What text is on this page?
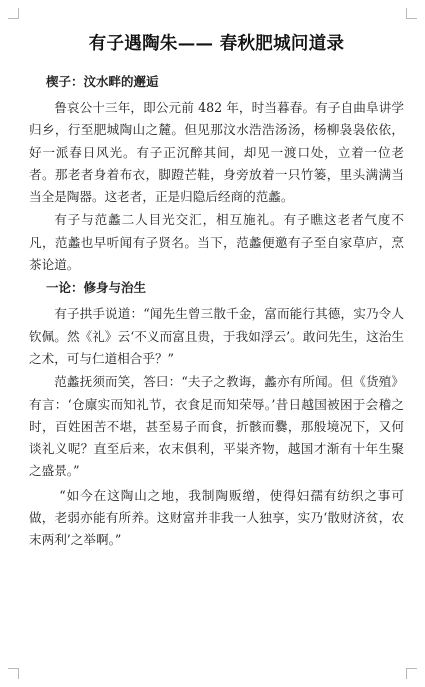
有子遇陶朱—— 春秋肥城问道录
楔子：汶水畔的邂逅

鲁哀公十三年，即公元前 482 年，时当暮春。有子自曲阜讲学归乡，行至肥城陶山之麓。但见那汶水浩浩汤汤，杨柳袅袅依依，好一派春日风光。有子正沉醉其间，却见一渡口处，立着一位老者。那老者身着布衣，脚蹬芒鞋，身旁放着一只竹篓，里头满满当当全是陶器。这老者，正是归隐后经商的范蠡。

有子与范蠡二人目光交汇，相互施礼。有子瞧这老者气度不凡，范蠡也早听闻有子贤名。当下，范蠡便邀有子至自家草庐，烹茶论道。

一论：修身与治生

有子拱手说道：“闻先生曾三散千金，富而能行其德，实乃令人钦佩。然《礼》云‘不义而富且贵，于我如浮云’。敢问先生，这治生之术，可与仁道相合乎？”

范蠡抚须而笑，答曰：“夫子之教诲，蠡亦有所闻。但《货殖》有言：‘仓廪实而知礼节，衣食足而知荣辱。’昔日越国被困于会稽之时，百姓困苦不堪，甚至易子而食，折骸而爨，那般境况下，又何谈礼义呢？直至后来，农末俱利，平粜齐物，越国才渐有十年生聚之盛景。”

“如今在这陶山之地，我制陶贩缯，使得妇孺有纺织之事可做，老弱亦能有所养。这财富并非我一人独享，实乃‘散财济贫，农末两利’之举啊。”
